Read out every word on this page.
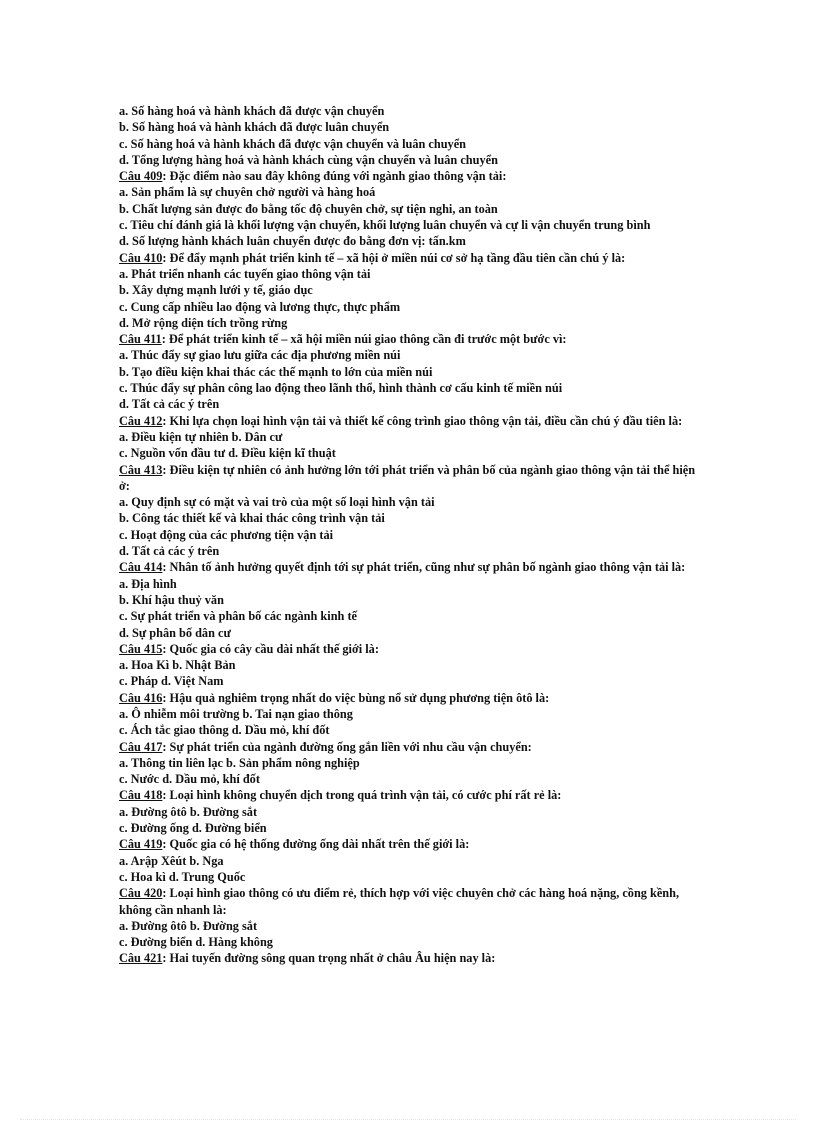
a. Số hàng hoá và hành khách đã được vận chuyển
b. Số hàng hoá và hành khách đã được luân chuyển
c. Số hàng hoá và hành khách đã được vận chuyển và luân chuyển
d. Tổng lượng hàng hoá và hành khách cùng vận chuyển và luân chuyển
Câu 409: Đặc điểm nào sau đây không đúng với ngành giao thông vận tải:
a. Sản phẩm là sự chuyên chở người và hàng hoá
b. Chất lượng sản được đo bằng tốc độ chuyên chở, sự tiện nghi, an toàn
c. Tiêu chí đánh giá là khối lượng vận chuyển, khối lượng luân chuyển và cự li vận chuyển trung bình
d. Số lượng hành khách luân chuyển được đo bằng đơn vị: tấn.km
Câu 410: Để đẩy mạnh phát triển kinh tế – xã hội ở miền núi cơ sở hạ tầng đầu tiên cần chú ý là:
a. Phát triển nhanh các tuyến giao thông vận tải
b. Xây dựng mạnh lưới y tế, giáo dục
c. Cung cấp nhiều lao động và lương thực, thực phẩm
d. Mở rộng diện tích trồng rừng
Câu 411: Để phát triển kinh tế – xã hội miền núi giao thông cần đi trước một bước vì:
a. Thúc đẩy sự giao lưu giữa các địa phương miền núi
b. Tạo điều kiện khai thác các thế mạnh to lớn của miền núi
c. Thúc đẩy sự phân công lao động theo lãnh thổ, hình thành cơ cấu kinh tế miền núi
d. Tất cả các ý trên
Câu 412: Khi lựa chọn loại hình vận tải và thiết kế công trình giao thông vận tải, điều cần chú ý đầu tiên là:
a. Điều kiện tự nhiên b. Dân cư
c. Nguồn vốn đầu tư d. Điều kiện kĩ thuật
Câu 413: Điều kiện tự nhiên có ảnh hưởng lớn tới phát triển và phân bố của ngành giao thông vận tải thể hiện ở:
a. Quy định sự có mặt và vai trò của một số loại hình vận tải
b. Công tác thiết kế và khai thác công trình vận tải
c. Hoạt động của các phương tiện vận tải
d. Tất cả các ý trên
Câu 414: Nhân tố ảnh hưởng quyết định tới sự phát triển, cũng như sự phân bố ngành giao thông vận tải là:
a. Địa hình
b. Khí hậu thuỷ văn
c. Sự phát triển và phân bố các ngành kinh tế
d. Sự phân bố dân cư
Câu 415: Quốc gia có cây cầu dài nhất thế giới là:
a. Hoa Kì b. Nhật Bản
c. Pháp d. Việt Nam
Câu 416: Hậu quả nghiêm trọng nhất do việc bùng nổ sử dụng phương tiện ôtô là:
a. Ô nhiễm môi trường b. Tai nạn giao thông
c. Ách tắc giao thông d. Dầu mỏ, khí đốt
Câu 417: Sự phát triển của ngành đường ống gắn liền với nhu cầu vận chuyển:
a. Thông tin liên lạc b. Sản phẩm nông nghiệp
c. Nước d. Dầu mỏ, khí đốt
Câu 418: Loại hình không chuyển dịch trong quá trình vận tải, có cước phí rất rẻ là:
a. Đường ôtô b. Đường sắt
c. Đường ống d. Đường biển
Câu 419: Quốc gia có hệ thống đường ống dài nhất trên thế giới là:
a. Arập Xêút b. Nga
c. Hoa kì d. Trung Quốc
Câu 420: Loại hình giao thông có ưu điểm rẻ, thích hợp với việc chuyên chở các hàng hoá nặng, cồng kềnh, không cần nhanh là:
a. Đường ôtô b. Đường sắt
c. Đường biển d. Hàng không
Câu 421: Hai tuyến đường sông quan trọng nhất ở châu Âu hiện nay là:
